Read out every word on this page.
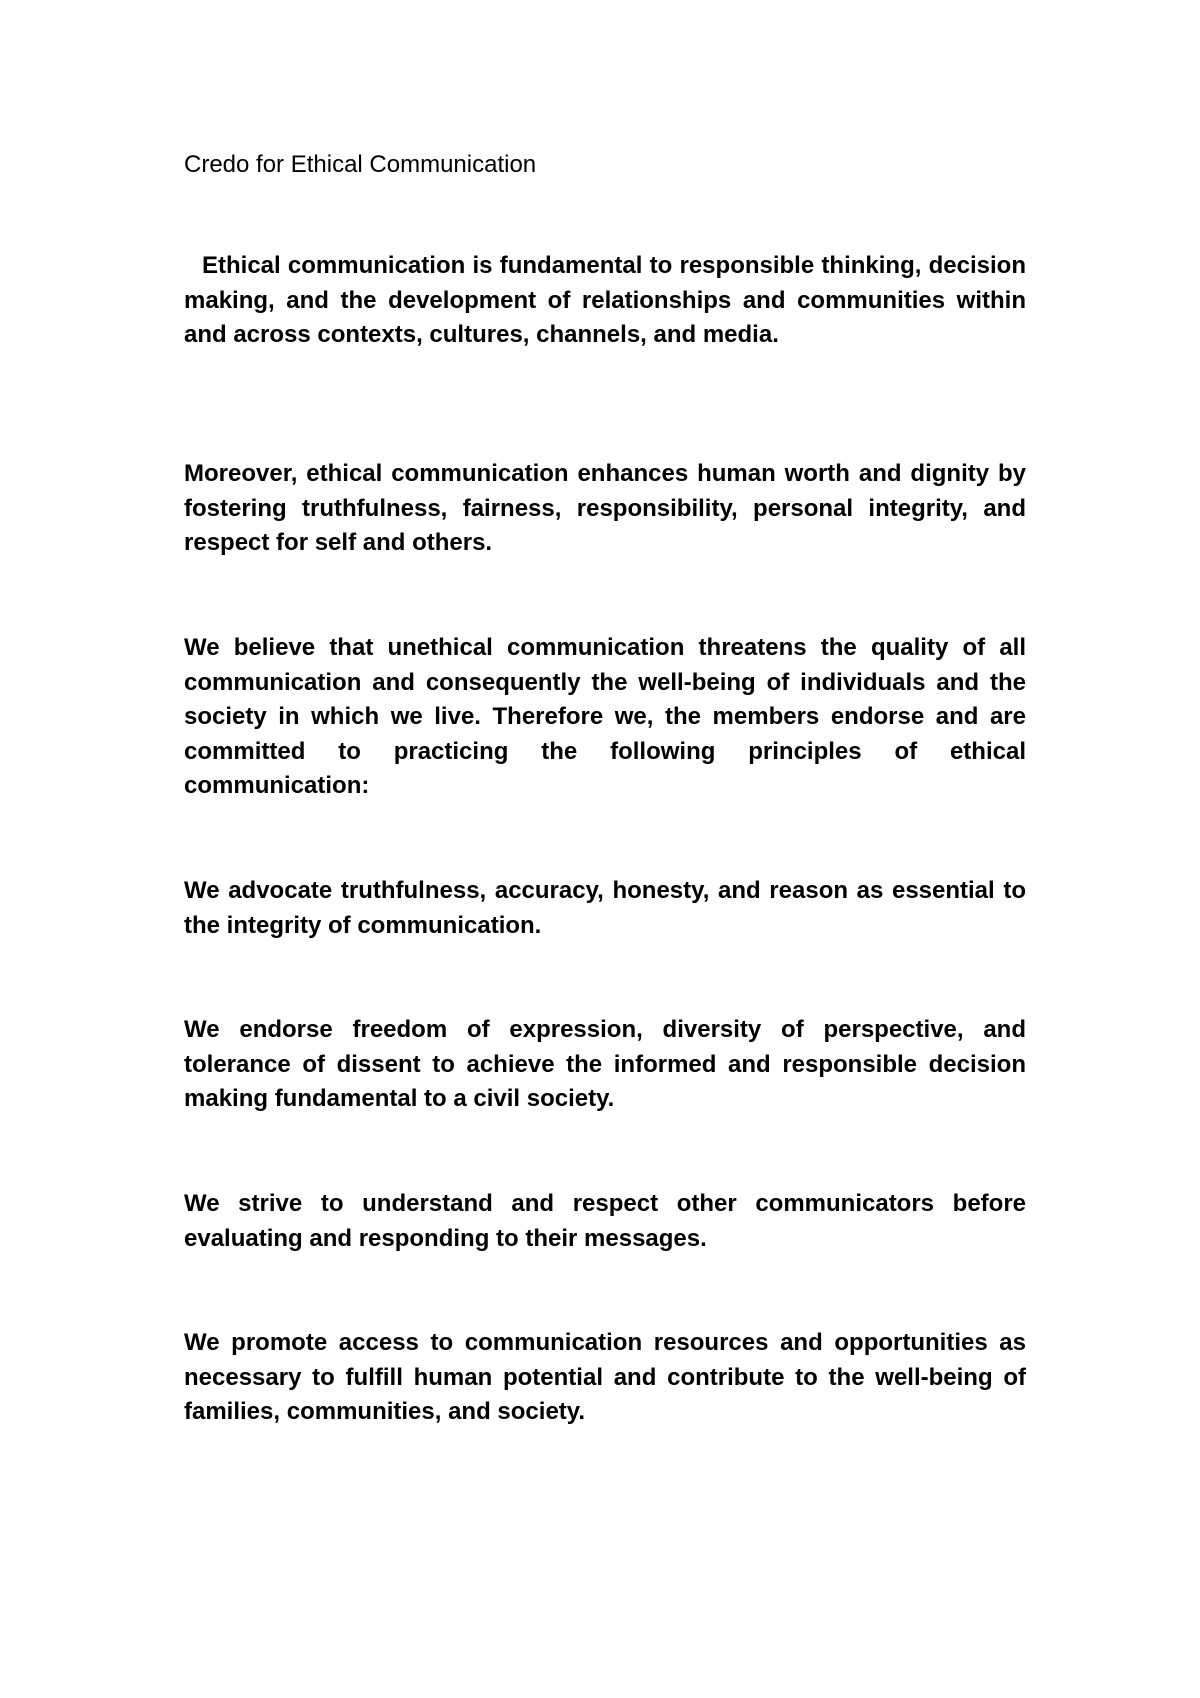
Credo for Ethical Communication

Ethical communication is fundamental to responsible thinking, decision making, and the development of relationships and communities within and across contexts, cultures, channels, and media.

Moreover, ethical communication enhances human worth and dignity by fostering truthfulness, fairness, responsibility, personal integrity, and respect for self and others.

We believe that unethical communication threatens the quality of all communication and consequently the well-being of individuals and the society in which we live. Therefore we, the members endorse and are committed to practicing the following principles of ethical communication:

We advocate truthfulness, accuracy, honesty, and reason as essential to the integrity of communication.

We endorse freedom of expression, diversity of perspective, and tolerance of dissent to achieve the informed and responsible decision making fundamental to a civil society.

We strive to understand and respect other communicators before evaluating and responding to their messages.

We promote access to communication resources and opportunities as necessary to fulfill human potential and contribute to the well-being of families, communities, and society.
